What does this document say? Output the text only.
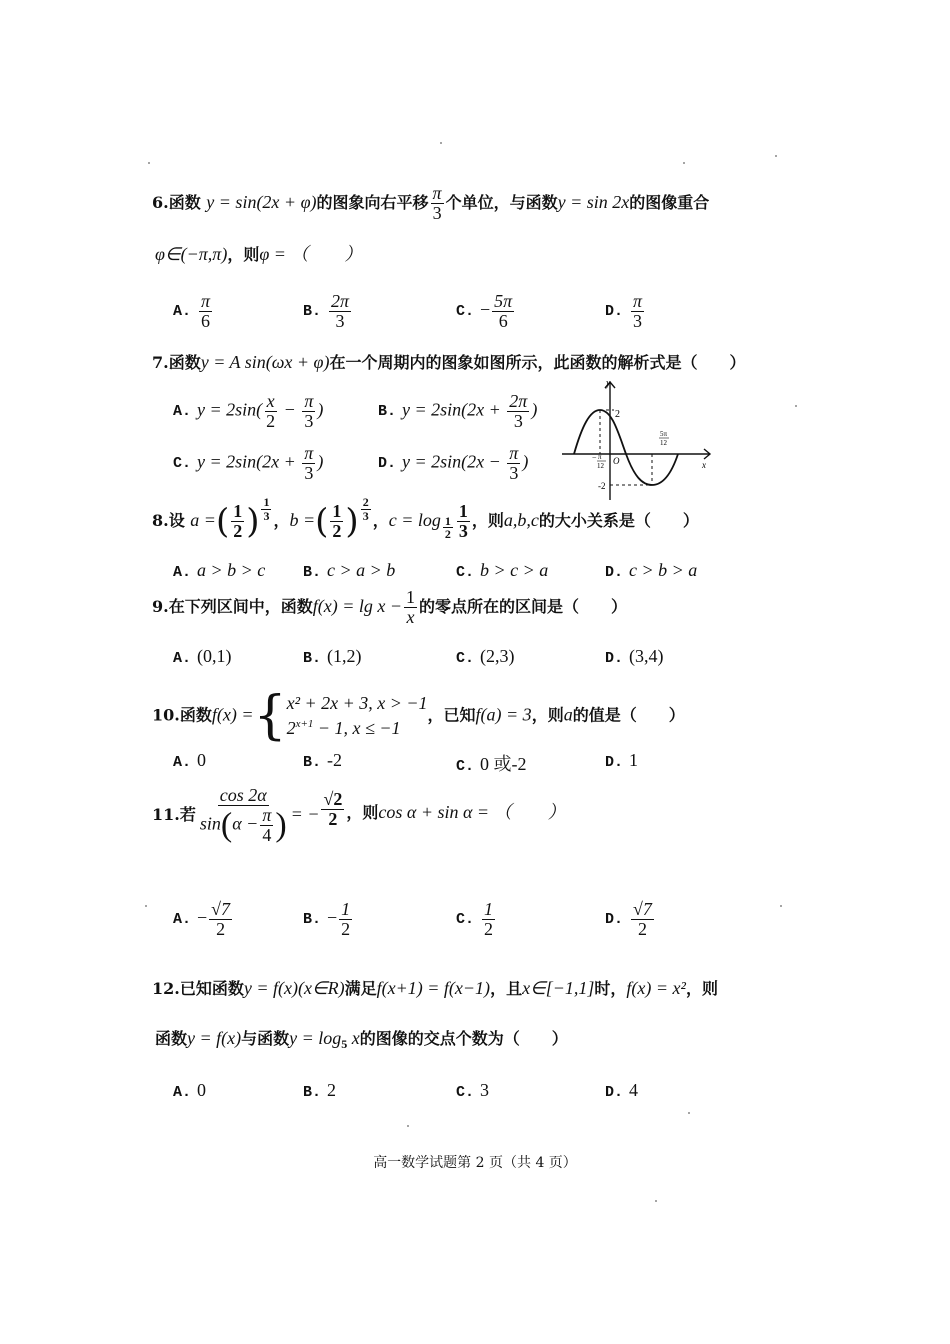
6.函数 y = sin(2x + φ)的图象向右平移 $\frac{\pi}{3}$ 个单位，与函数y = sin 2x的图像重合
φ∈(−π,π)，则φ = （　　）
A. $\frac{\pi}{6}$	B. $\frac{2\pi}{3}$	C. − $\frac{5\pi}{6}$	D. $\frac{\pi}{3}$
7.函数y = A sin(ωx + φ)在一个周期内的图象如图所示，此函数的解析式是（　　）
A. $y = 2\sin( \frac{x}{2} - \frac{\pi}{3}$ )	B. $y = 2\sin(2x + \frac{2\pi}{3}$ )
C. $y = 2\sin(2x + \frac{\pi}{3}$ )	D. $y = 2\sin(2x - \frac{\pi}{3}$ )
y
x
2
-2
O
− π
12
5π
12
8.设 a =( $\frac{1}{2}$ ) $\frac{1}{3}$ ，b =( $\frac{1}{2}$ ) $\frac{2}{3}$ ，$c = \log \frac{1}{2} \frac{1}{3}$ ，则a,b,c的大小关系是（　　）
A. a > b > c	B. c > a > b	C. b > c > a	D. c > b > a
9.在下列区间中，函数$f(x) = \lg x - \frac{1}{x}$ 的零点所在的区间是（　　）
A. (0,1)	B. (1,2)	C. (2,3)	D. (3,4)
10.函数f(x) ={ x² + 2x + 3, x > −1
$2^{x+1} - 1$, x ≤ −1
，已知f(a) = 3，则a的值是（　　）
A. 0	B. -2	C. 0 或-2	D. 1
11.若 $\frac{\cos 2\alpha}{\sin(\alpha - \frac{\pi}{4} )}$ = − $\frac{√2}{2}$ ，则cos α + sin α = （　　）
A. − $\frac{√7}{2}$	B. − $\frac{1}{2}$	C. $\frac{1}{2}$	D. $\frac{√7}{2}$
12.已知函数y = f(x)(x∈R)满足f(x+1) = f(x−1)，且x∈[−1,1]时，f(x) = x²，则
函数y = f(x)与函数$y = \log_5 x$的图像的交点个数为（　　）
A. 0	B. 2	C. 3	D. 4
高一数学试题第 2 页（共 4 页）
